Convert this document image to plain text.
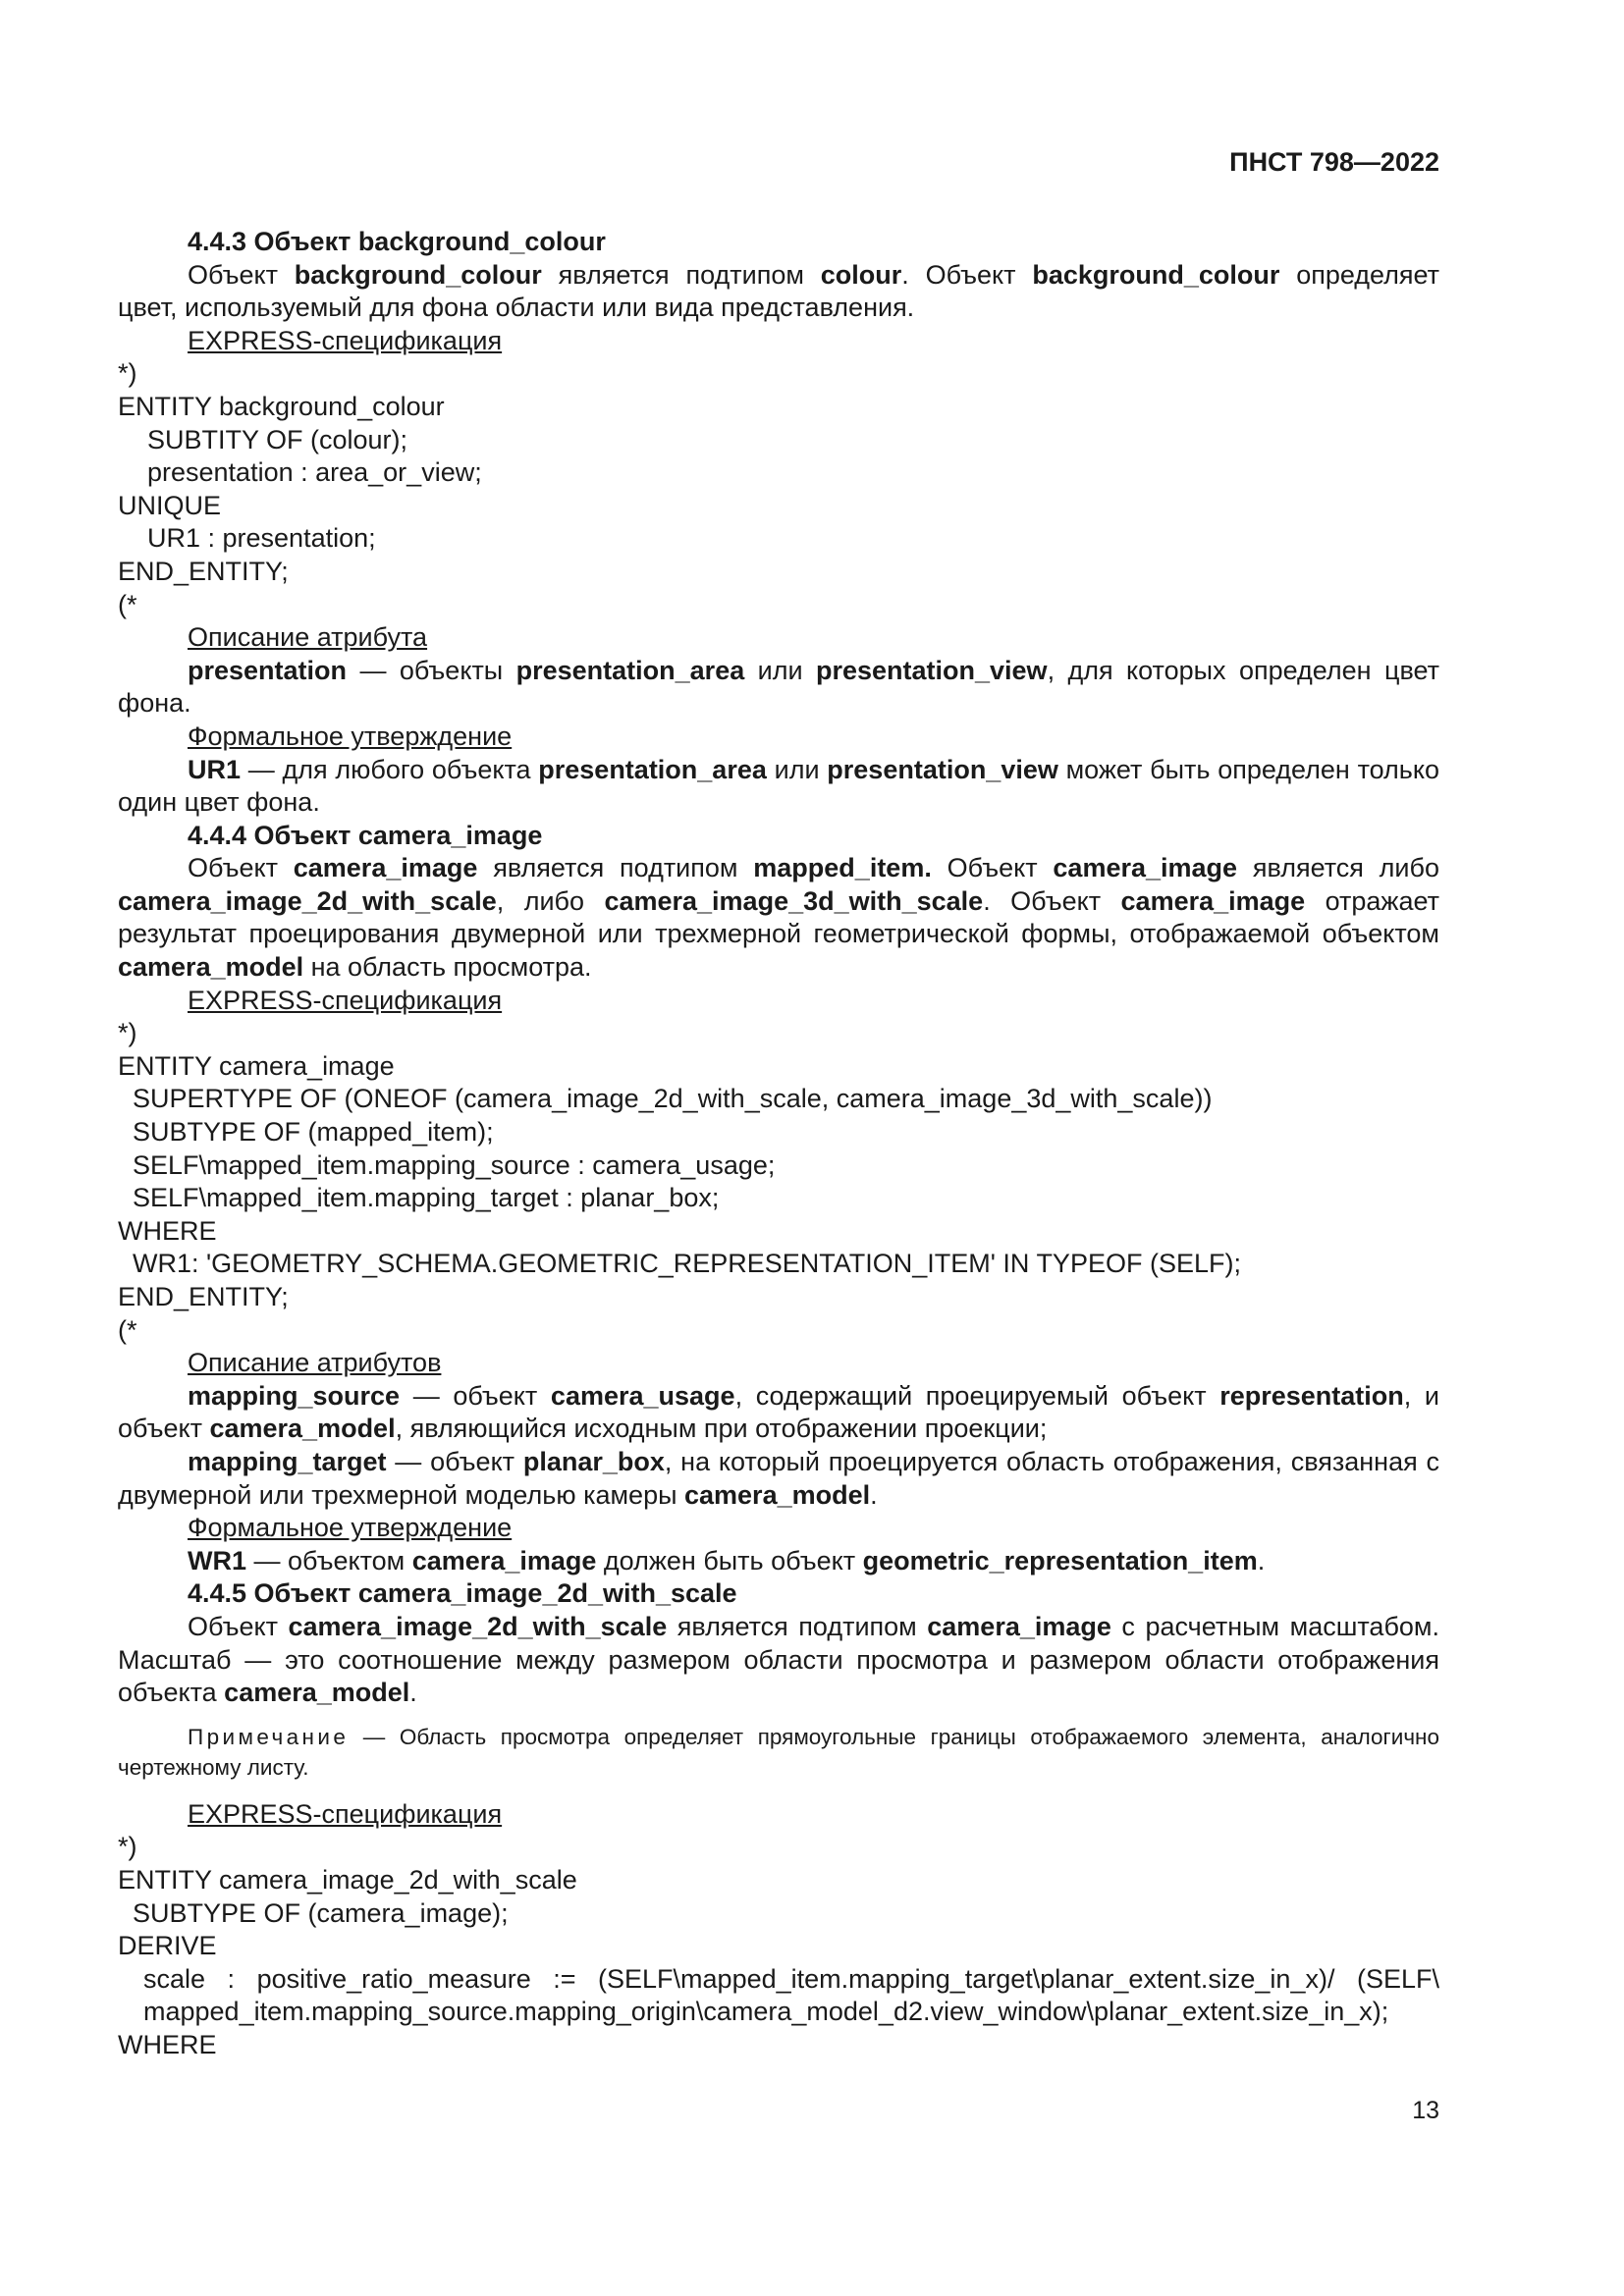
ПНСТ 798—2022

4.4.3 Объект background_colour

Объект background_colour является подтипом colour. Объект background_colour определяет цвет, используемый для фона области или вида представления.

EXPRESS-спецификация

*)

ENTITY background_colour

SUBTITY OF (colour);

presentation : area_or_view;

UNIQUE

UR1 : presentation;

END_ENTITY;

(*

Описание атрибута

presentation — объекты presentation_area или presentation_view, для которых определен цвет фона.

Формальное утверждение

UR1 — для любого объекта presentation_area или presentation_view может быть определен только один цвет фона.

4.4.4 Объект camera_image

Объект camera_image является подтипом mapped_item. Объект camera_image является либо camera_image_2d_with_scale, либо camera_image_3d_with_scale. Объект camera_image отражает результат проецирования двумерной или трехмерной геометрической формы, отображаемой объектом camera_model на область просмотра.

EXPRESS-спецификация

*)

ENTITY camera_image

SUPERTYPE OF (ONEOF (camera_image_2d_with_scale, camera_image_3d_with_scale))

SUBTYPE OF (mapped_item);

SELF\mapped_item.mapping_source : camera_usage;

SELF\mapped_item.mapping_target : planar_box;

WHERE

WR1: 'GEOMETRY_SCHEMA.GEOMETRIC_REPRESENTATION_ITEM' IN TYPEOF (SELF);

END_ENTITY;

(*

Описание атрибутов

mapping_source — объект camera_usage, содержащий проецируемый объект representation, и объект camera_model, являющийся исходным при отображении проекции;

mapping_target — объект planar_box, на который проецируется область отображения, связанная с двумерной или трехмерной моделью камеры camera_model.

Формальное утверждение

WR1 — объектом camera_image должен быть объект geometric_representation_item.

4.4.5 Объект camera_image_2d_with_scale

Объект camera_image_2d_with_scale является подтипом camera_image с расчетным масштабом. Масштаб — это соотношение между размером области просмотра и размером области отображения объекта camera_model.

Примечание — Область просмотра определяет прямоугольные границы отображаемого элемента, аналогично чертежному листу.

EXPRESS-спецификация

*)

ENTITY camera_image_2d_with_scale

SUBTYPE OF (camera_image);

DERIVE

scale : positive_ratio_measure := (SELF\mapped_item.mapping_target\planar_extent.size_in_x)/ (SELF\ mapped_item.mapping_source.mapping_origin\camera_model_d2.view_window\planar_extent.size_in_x);

WHERE

13
